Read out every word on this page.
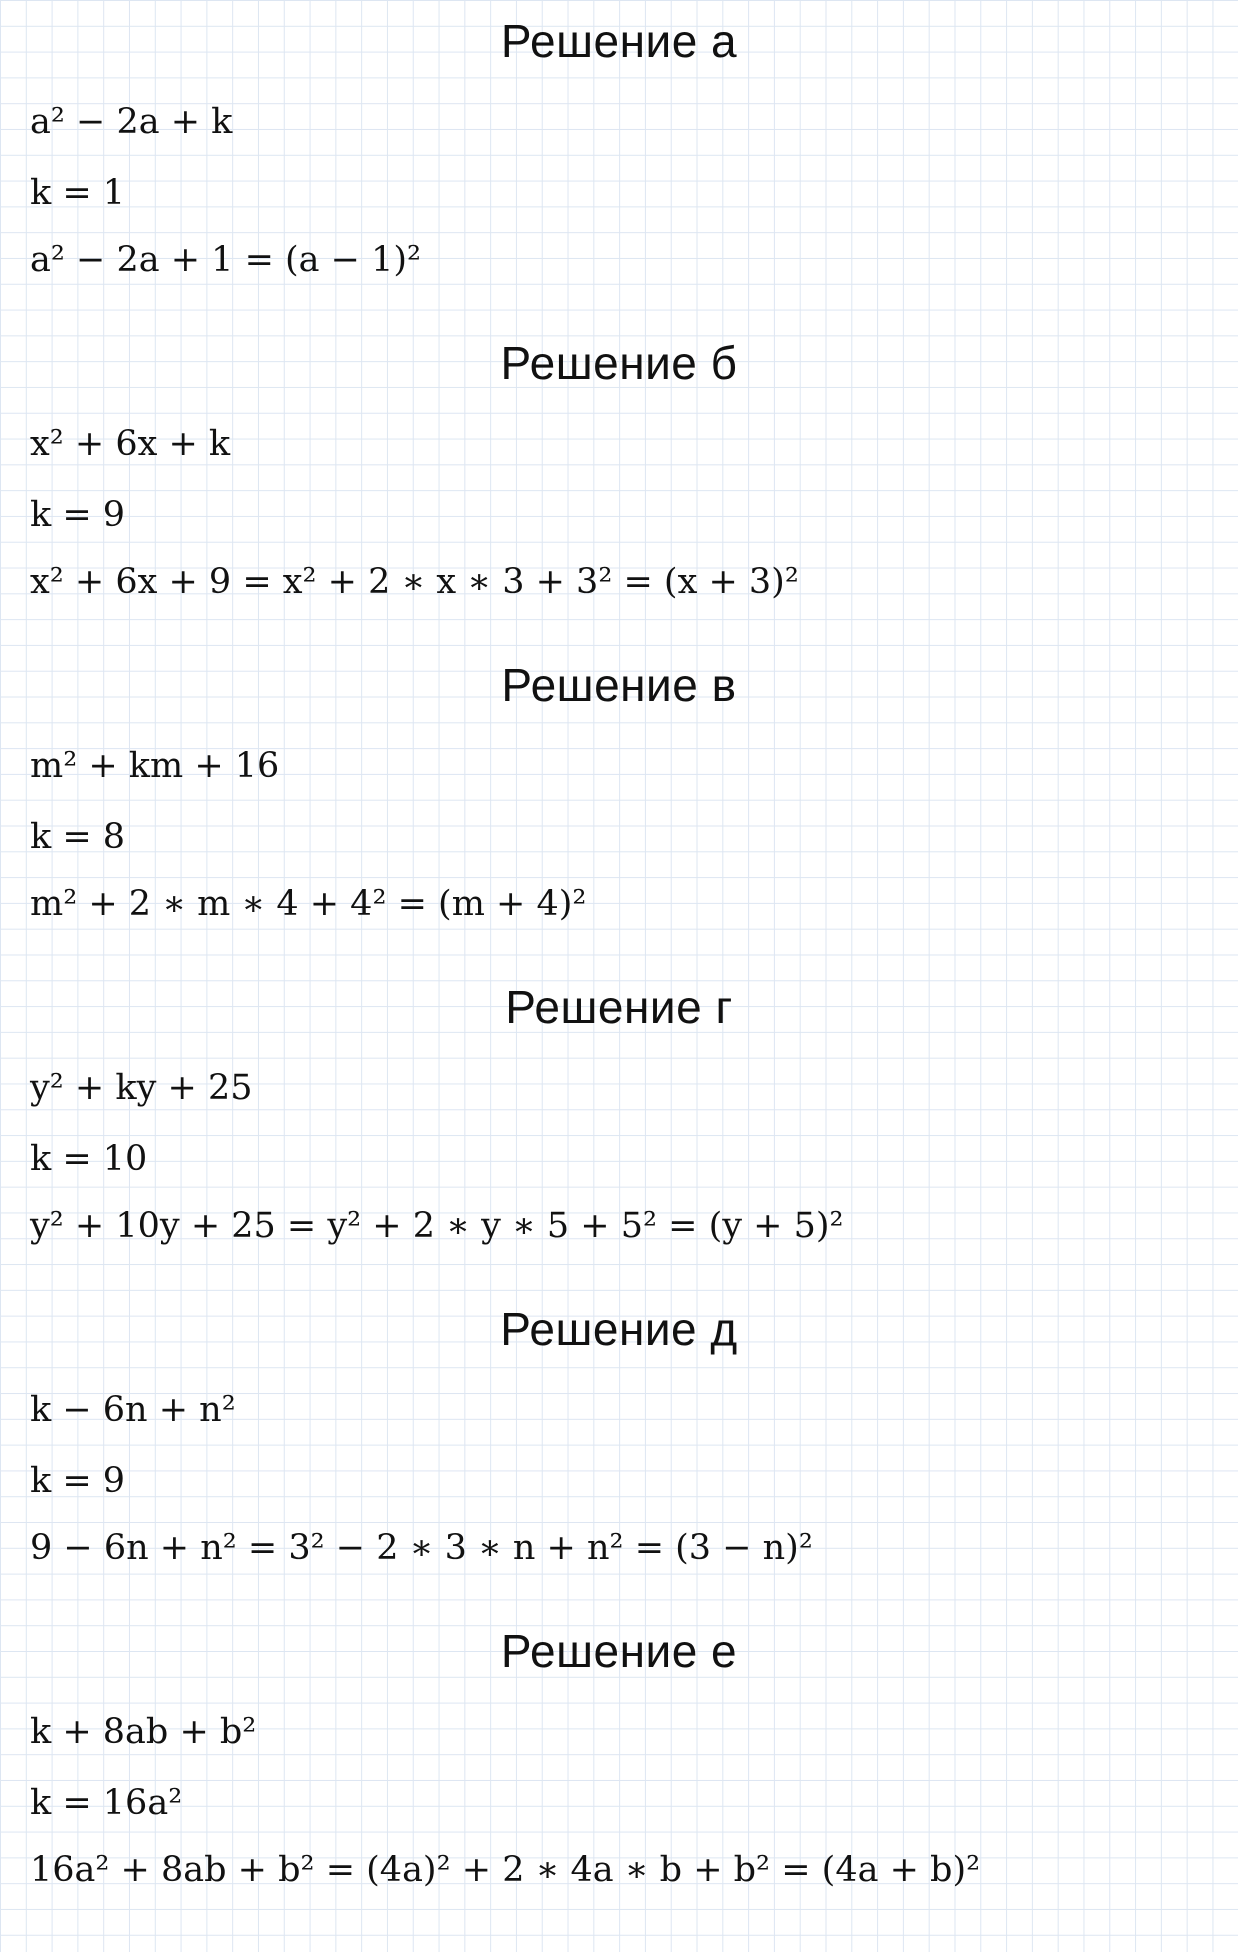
Решение а
a² − 2a + k
k = 1
a² − 2a + 1 = (a − 1)²
Решение б
x² + 6x + k
k = 9
x² + 6x + 9 = x² + 2 ∗ x ∗ 3 + 3² = (x + 3)²
Решение в
m² + km + 16
k = 8
m² + 2 ∗ m ∗ 4 + 4² = (m + 4)²
Решение г
y² + ky + 25
k = 10
y² + 10y + 25 = y² + 2 ∗ y ∗ 5 + 5² = (y + 5)²
Решение д
k − 6n + n²
k = 9
9 − 6n + n² = 3² − 2 ∗ 3 ∗ n + n² = (3 − n)²
Решение е
k + 8ab + b²
k = 16a²
16a² + 8ab + b² = (4a)² + 2 ∗ 4a ∗ b + b² = (4a + b)²
